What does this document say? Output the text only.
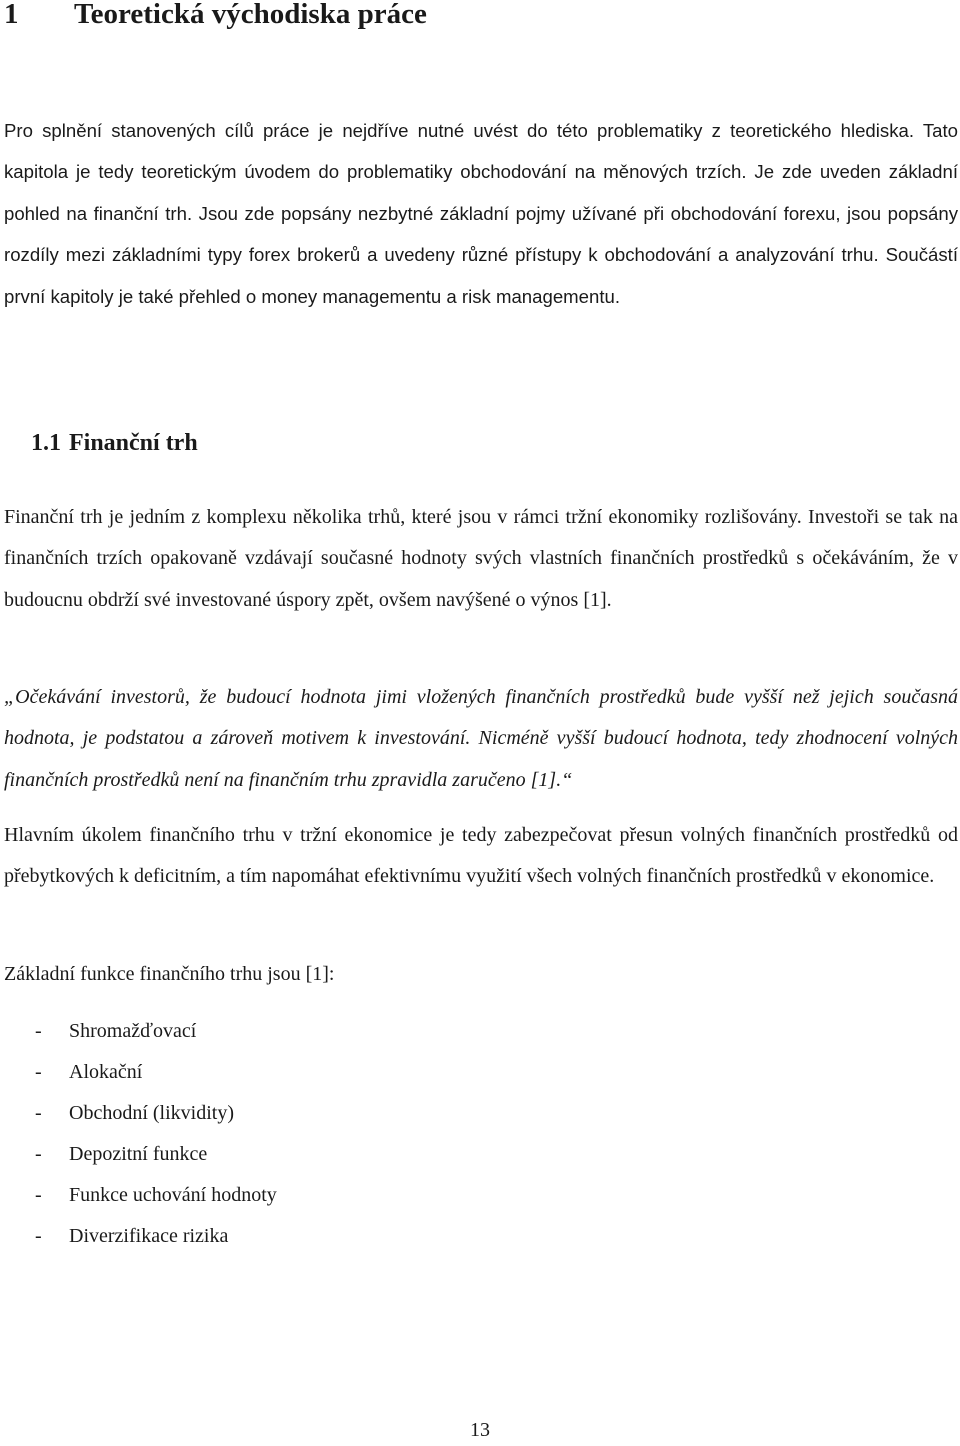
1 Teoretická východiska práce

Pro splnění stanovených cílů práce je nejdříve nutné uvést do této problematiky z teoretického hlediska. Tato kapitola je tedy teoretickým úvodem do problematiky obchodování na měnových trzích. Je zde uveden základní pohled na finanční trh. Jsou zde popsány nezbytné základní pojmy užívané při obchodování forexu, jsou popsány rozdíly mezi základními typy forex brokerů a uvedeny různé přístupy k obchodování a analyzování trhu. Součástí první kapitoly je také přehled o money managementu a risk managementu.

1.1 Finanční trh

Finanční trh je jedním z komplexu několika trhů, které jsou v rámci tržní ekonomiky rozlišovány. Investoři se tak na finančních trzích opakovaně vzdávají současné hodnoty svých vlastních finančních prostředků s očekáváním, že v budoucnu obdrží své investované úspory zpět, ovšem navýšené o výnos [1].

„Očekávání investorů, že budoucí hodnota jimi vložených finančních prostředků bude vyšší než jejich současná hodnota, je podstatou a zároveň motivem k investování. Nicméně vyšší budoucí hodnota, tedy zhodnocení volných finančních prostředků není na finančním trhu zpravidla zaručeno [1].“

Hlavním úkolem finančního trhu v tržní ekonomice je tedy zabezpečovat přesun volných finančních prostředků od přebytkových k deficitním, a tím napomáhat efektivnímu využití všech volných finančních prostředků v ekonomice.

Základní funkce finančního trhu jsou [1]:

- Shromažďovací
- Alokační
- Obchodní (likvidity)
- Depozitní funkce
- Funkce uchování hodnoty
- Diverzifikace rizika
13
